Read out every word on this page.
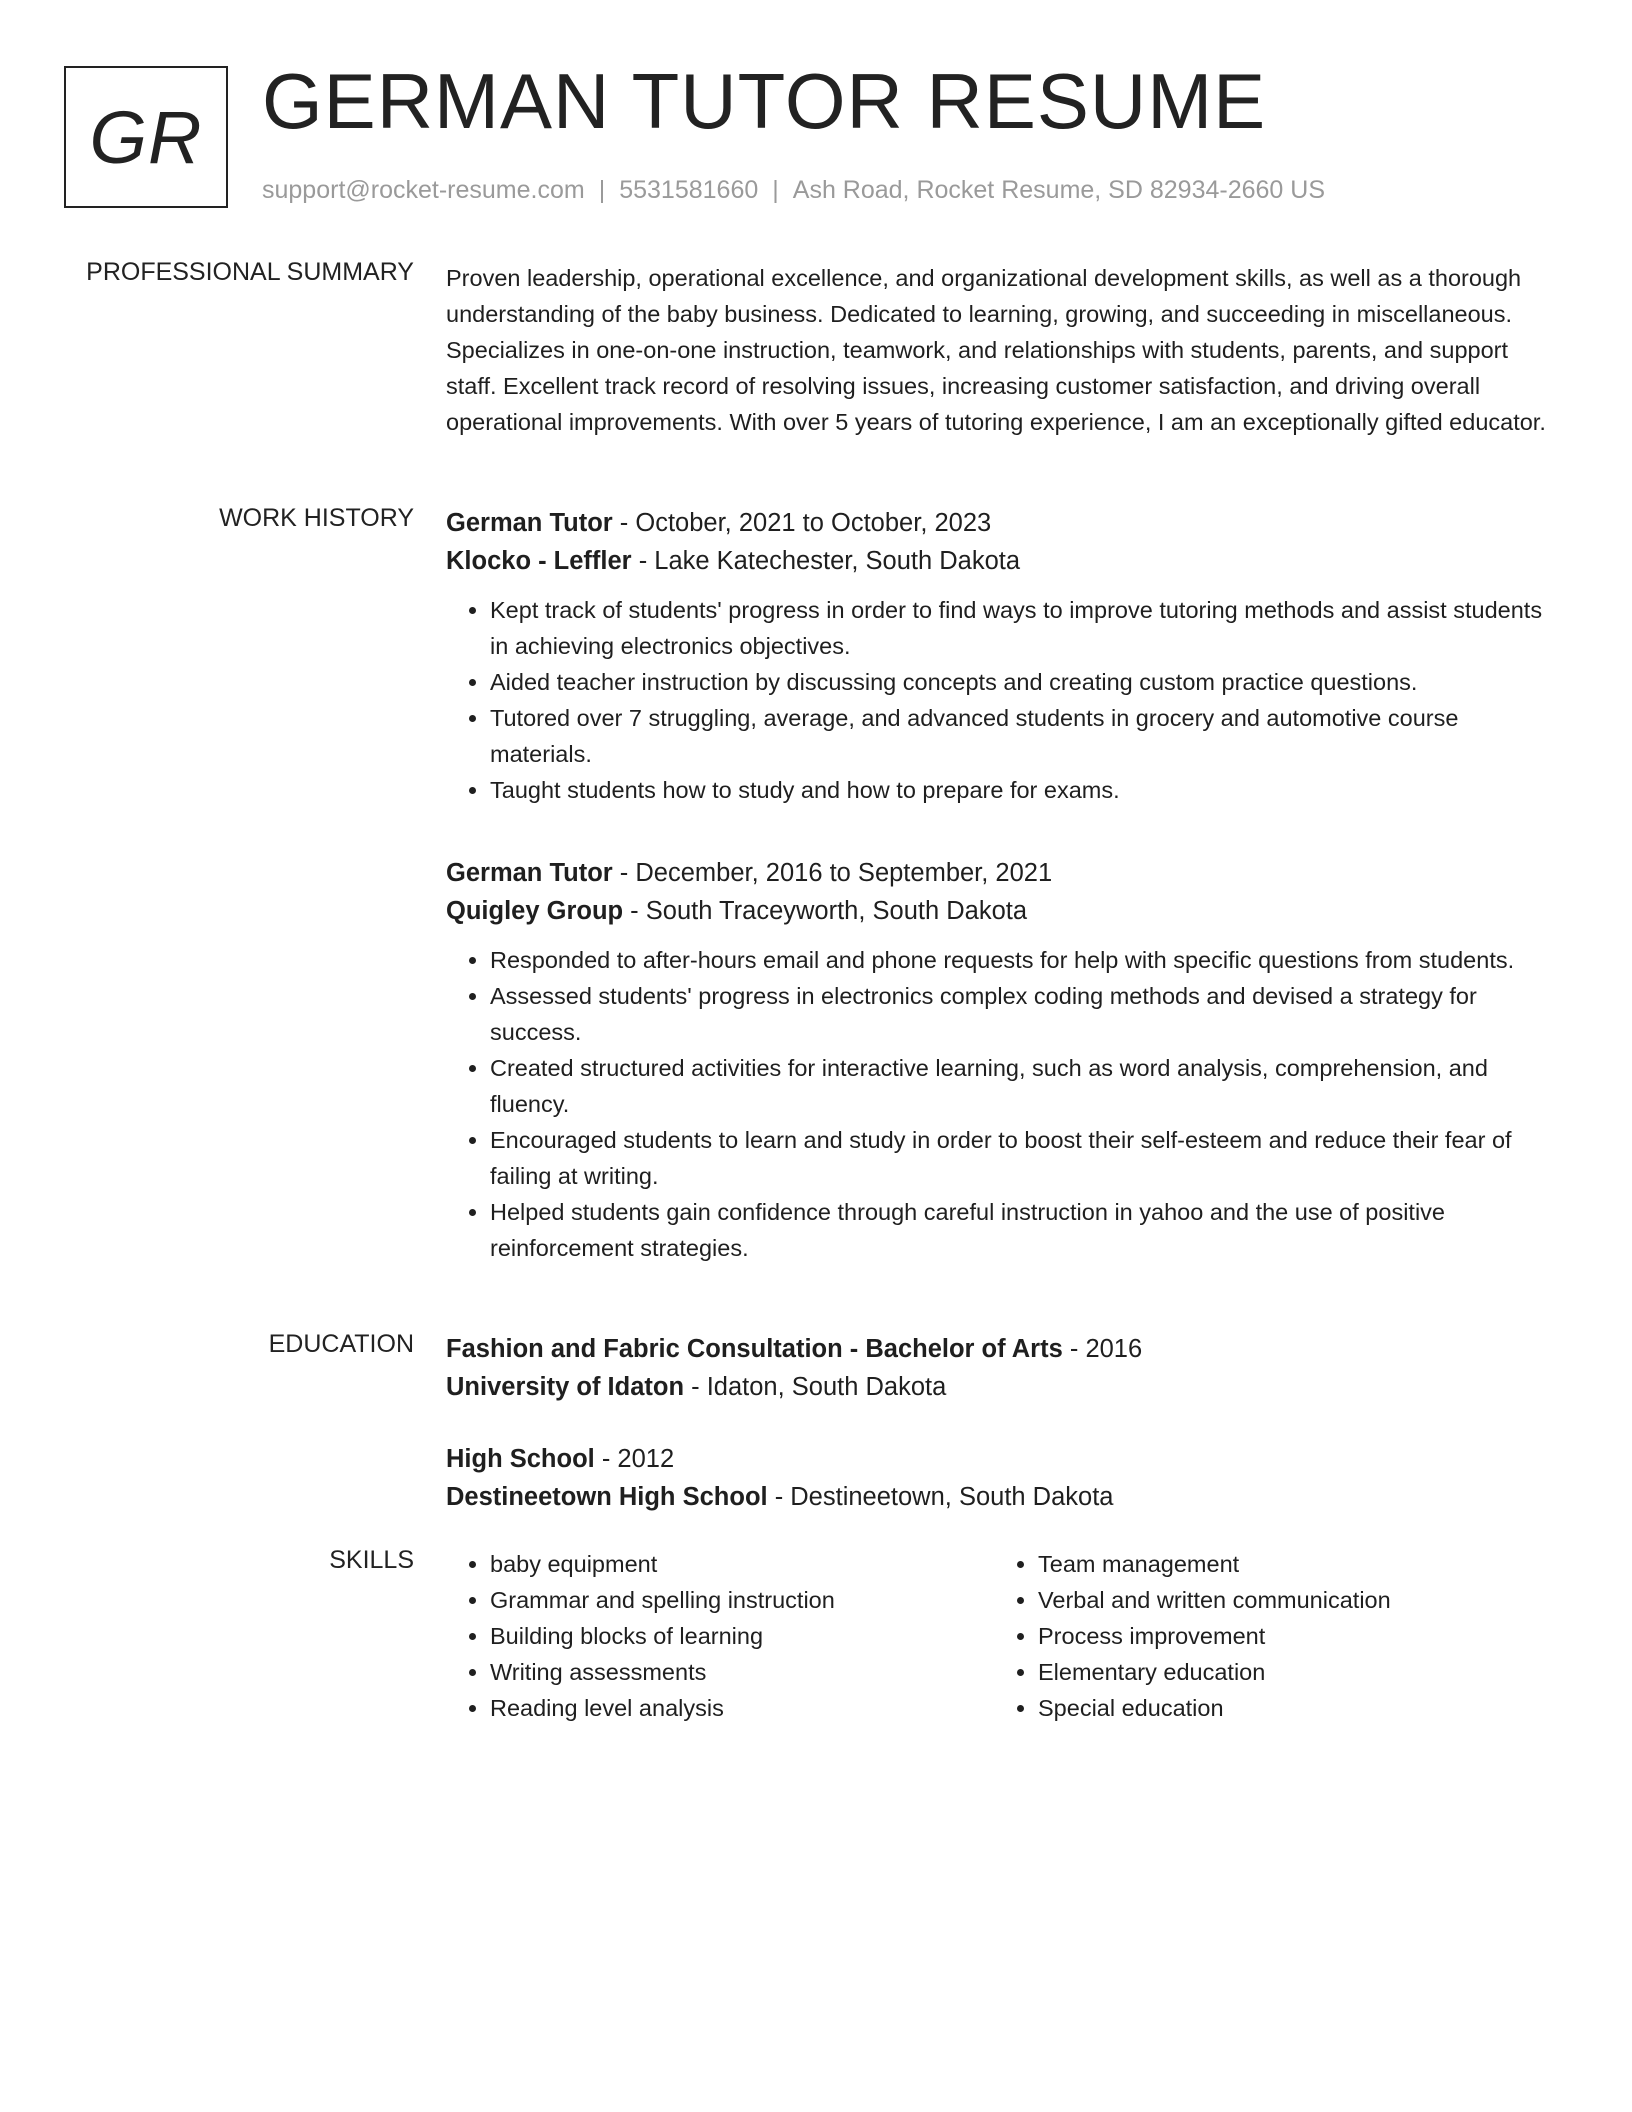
GR GERMAN TUTOR RESUME
support@rocket-resume.com | 5531581660 | Ash Road, Rocket Resume, SD 82934-2660 US
PROFESSIONAL SUMMARY Proven leadership, operational excellence, and organizational development skills, as well as a thorough understanding of the baby business. Dedicated to learning, growing, and succeeding in miscellaneous. Specializes in one-on-one instruction, teamwork, and relationships with students, parents, and support staff. Excellent track record of resolving issues, increasing customer satisfaction, and driving overall operational improvements. With over 5 years of tutoring experience, I am an exceptionally gifted educator.

WORK HISTORY German Tutor - October, 2021 to October, 2023
Klocko - Leffler - Lake Katechester, South Dakota
• Kept track of students' progress in order to find ways to improve tutoring methods and assist students in achieving electronics objectives.
• Aided teacher instruction by discussing concepts and creating custom practice questions.
• Tutored over 7 struggling, average, and advanced students in grocery and automotive course materials.
• Taught students how to study and how to prepare for exams.
German Tutor - December, 2016 to September, 2021
Quigley Group - South Traceyworth, South Dakota
• Responded to after-hours email and phone requests for help with specific questions from students.
• Assessed students' progress in electronics complex coding methods and devised a strategy for success.
• Created structured activities for interactive learning, such as word analysis, comprehension, and fluency.
• Encouraged students to learn and study in order to boost their self-esteem and reduce their fear of failing at writing.
• Helped students gain confidence through careful instruction in yahoo and the use of positive reinforcement strategies.
EDUCATION Fashion and Fabric Consultation - Bachelor of Arts - 2016
University of Idaton - Idaton, South Dakota
High School - 2012
Destineetown High School - Destineetown, South Dakota
SKILLS
•	baby equipment
• Grammar and spelling instruction
• Building blocks of learning
• Writing assessments
• Reading level analysis
• Team management
• Verbal and written communication
• Process improvement
• Elementary education
• Special education
